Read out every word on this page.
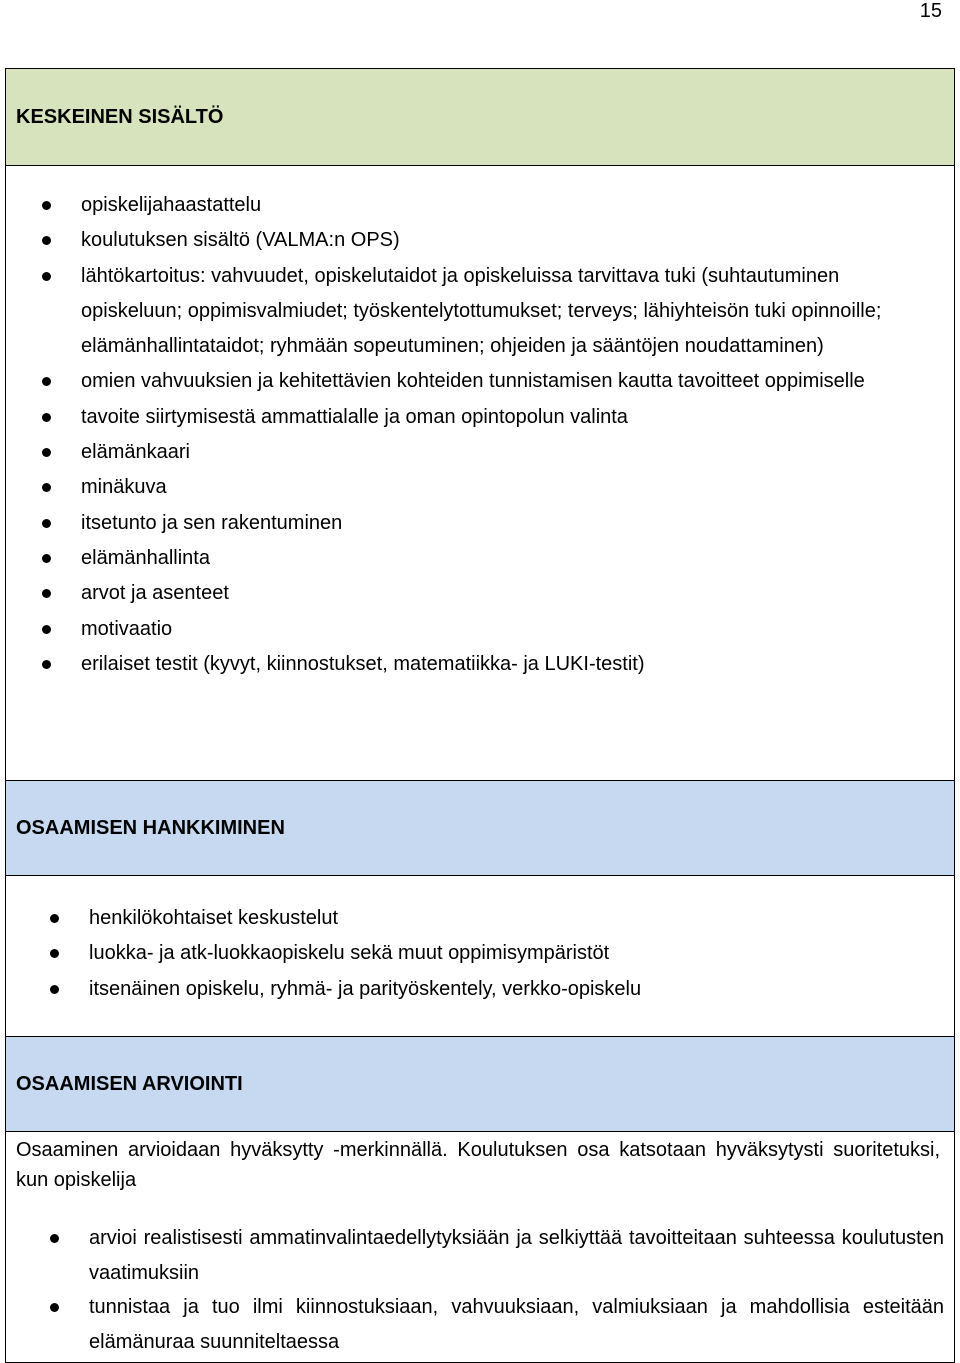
15
KESKEINEN SISÄLTÖ

opiskelijahaastattelu
koulutuksen sisältö (VALMA:n OPS)
lähtökartoitus: vahvuudet, opiskelutaidot ja opiskeluissa tarvittava tuki (suhtautuminen opiskeluun; oppimisvalmiudet; työskentelytottumukset; terveys; lähiyhteisön tuki opinnoille; elämänhallintataidot; ryhmään sopeutuminen; ohjeiden ja sääntöjen noudattaminen)
omien vahvuuksien ja kehitettävien kohteiden tunnistamisen kautta tavoitteet oppimiselle
tavoite siirtymisestä ammattialalle ja oman opintopolun valinta
elämänkaari
minäkuva
itsetunto ja sen rakentuminen
elämänhallinta
arvot ja asenteet
motivaatio
erilaiset testit (kyvyt, kiinnostukset, matematiikka- ja LUKI-testit)

OSAAMISEN HANKKIMINEN

henkilökohtaiset keskustelut
luokka- ja atk-luokkaopiskelu sekä muut oppimisympäristöt
itsenäinen opiskelu, ryhmä- ja parityöskentely, verkko-opiskelu

OSAAMISEN ARVIOINTI

Osaaminen arvioidaan hyväksytty -merkinnällä. Koulutuksen osa katsotaan hyväksytysti suoritetuksi, kun opiskelija
arvioi realistisesti ammatinvalintaedellytyksiään ja selkiyttää tavoitteitaan suhteessa koulutusten vaatimuksiin
tunnistaa ja tuo ilmi kiinnostuksiaan, vahvuuksiaan, valmiuksiaan ja mahdollisia esteitään elämänuraa suunniteltaessa
